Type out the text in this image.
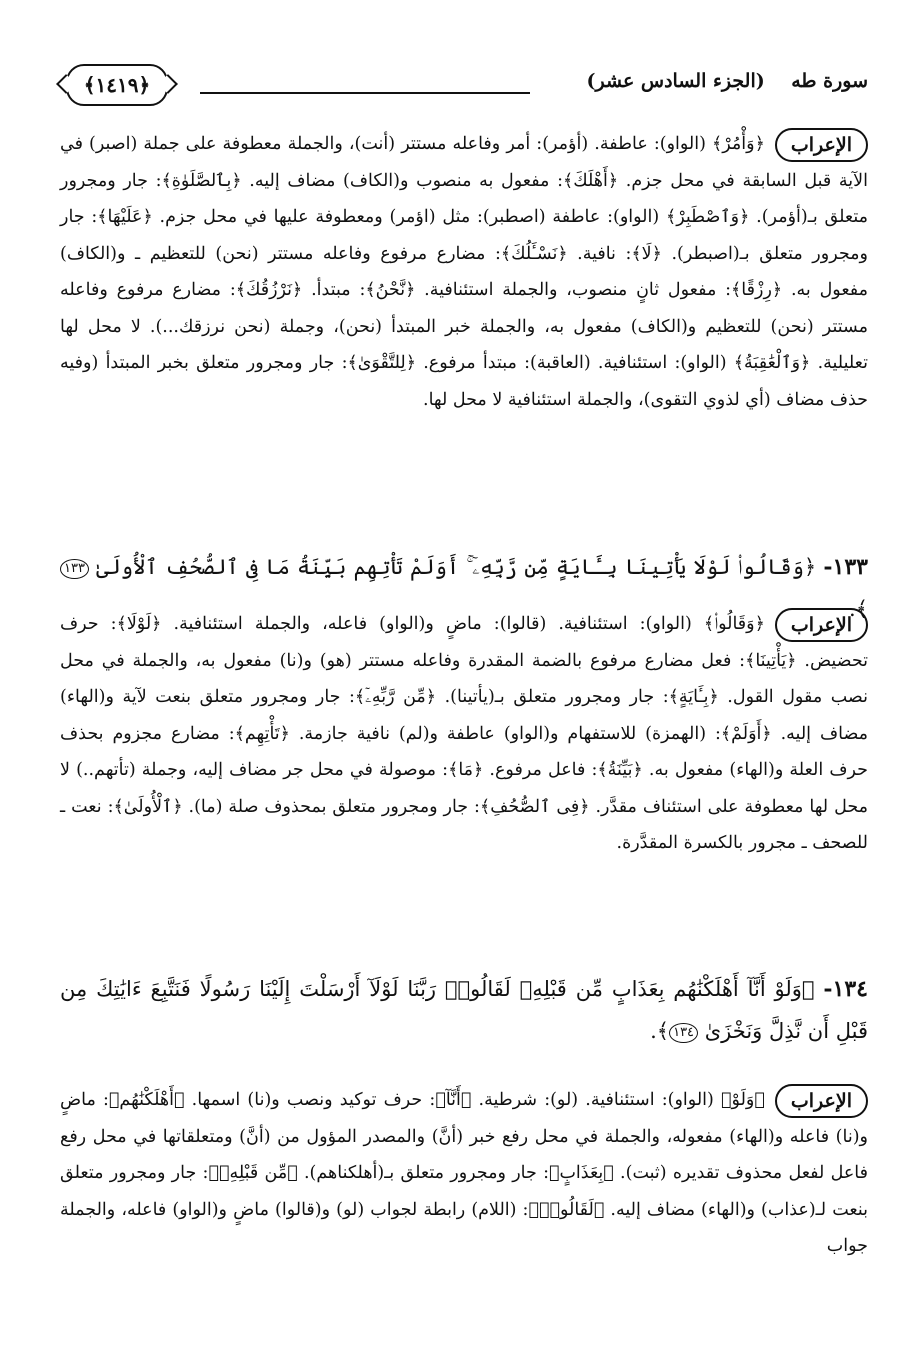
سورة طه    (الجزء السادس عشر)
﴿١٤١٩﴾

الإعراب
﴿وَأْمُرْ﴾ (الواو): عاطفة. (أؤمر): أمر وفاعله مستتر (أنت)، والجملة معطوفة على جملة (اصبر) في الآية قبل السابقة في محل جزم. ﴿أَهْلَكَ﴾: مفعول به منصوب و(الكاف) مضاف إليه. ﴿بِٱلصَّلَوٰةِ﴾: جار ومجرور متعلق بـ(أؤمر). ﴿وَٱصْطَبِرْ﴾ (الواو): عاطفة (اصطبر): مثل (اؤمر) ومعطوفة عليها في محل جزم. ﴿عَلَيْهَا﴾: جار ومجرور متعلق بـ(اصبطر). ﴿لَا﴾: نافية. ﴿نَسْـَٔلُكَ﴾: مضارع مرفوع وفاعله مستتر (نحن) للتعظيم ـ و(الكاف) مفعول به. ﴿رِزْقًا﴾: مفعول ثانٍ منصوب، والجملة استئنافية. ﴿نَّحْنُ﴾: مبتدأ. ﴿نَرْزُقُكَ﴾: مضارع مرفوع وفاعله مستتر (نحن) للتعظيم و(الكاف) مفعول به، والجملة خبر المبتدأ (نحن)، وجملة (نحن نرزقك...). لا محل لها تعليلية. ﴿وَٱلْعَٰقِبَةُ﴾ (الواو): استئنافية. (العاقبة): مبتدأ مرفوع. ﴿لِلتَّقْوَىٰ﴾: جار ومجرور متعلق بخبر المبتدأ (وفيه حذف مضاف (أي لذوي التقوى)، والجملة استئنافية لا محل لها.

١٣٣- ﴿وَقَالُوا۟ لَوْلَا يَأْتِينَا بِـَٔايَةٍ مِّن رَّبِّهِۦٓ ۚ أَوَلَمْ تَأْتِهِم بَيِّنَةُ مَا فِى ٱلصُّحُفِ ٱلْأُولَىٰ ١٣٣﴾.

الإعراب
﴿وَقَالُوا۟﴾ (الواو): استئنافية. (قالوا): ماضٍ و(الواو) فاعله، والجملة استئنافية. ﴿لَوْلَا﴾: حرف تحضيض. ﴿يَأْتِينَا﴾: فعل مضارع مرفوع بالضمة المقدرة وفاعله مستتر (هو) و(نا) مفعول به، والجملة في محل نصب مقول القول. ﴿بِـَٔايَةٍ﴾: جار ومجرور متعلق بـ(يأتينا). ﴿مِّن رَّبِّهِۦٓ﴾: جار ومجرور متعلق بنعت لآية و(الهاء) مضاف إليه. ﴿أَوَلَمْ﴾: (الهمزة) للاستفهام و(الواو) عاطفة و(لم) نافية جازمة. ﴿تَأْتِهِم﴾: مضارع مجزوم بحذف حرف العلة و(الهاء) مفعول به. ﴿بَيِّنَةُ﴾: فاعل مرفوع. ﴿مَا﴾: موصولة في محل جر مضاف إليه، وجملة (تأتهم..) لا محل لها معطوفة على استئناف مقدَّر. ﴿فِى ٱلصُّحُفِ﴾: جار ومجرور متعلق بمحذوف صلة (ما). ﴿ٱلْأُولَىٰ﴾: نعت ـ للصحف ـ مجرور بالكسرة المقدَّرة.

١٣٤- ﴿وَلَوْ أَنَّآ أَهْلَكْنَٰهُم بِعَذَابٍ مِّن قَبْلِهِۦ لَقَالُوا۟ رَبَّنَا لَوْلَآ أَرْسَلْتَ إِلَيْنَا رَسُولًا فَنَتَّبِعَ ءَايَٰتِكَ مِن قَبْلِ أَن نَّذِلَّ وَنَخْزَىٰ ١٣٤﴾.

الإعراب
﴿وَلَوْ﴾ (الواو): استئنافية. (لو): شرطية. ﴿أَنَّآ﴾: حرف توكيد ونصب و(نا) اسمها. ﴿أَهْلَكْنَٰهُم﴾: ماضٍ و(نا) فاعله و(الهاء) مفعوله، والجملة في محل رفع خبر (أنَّ) والمصدر المؤول من (أنَّ) ومتعلقاتها في محل رفع فاعل لفعل محذوف تقديره (ثبت). ﴿بِعَذَابٍ﴾: جار ومجرور متعلق بـ(أهلكناهم). ﴿مِّن قَبْلِهِۦ﴾: جار ومجرور متعلق بنعت لـ(عذاب) و(الهاء) مضاف إليه. ﴿لَقَالُوا۟﴾: (اللام) رابطة لجواب (لو) و(قالوا) ماضٍ و(الواو) فاعله، والجملة جواب
